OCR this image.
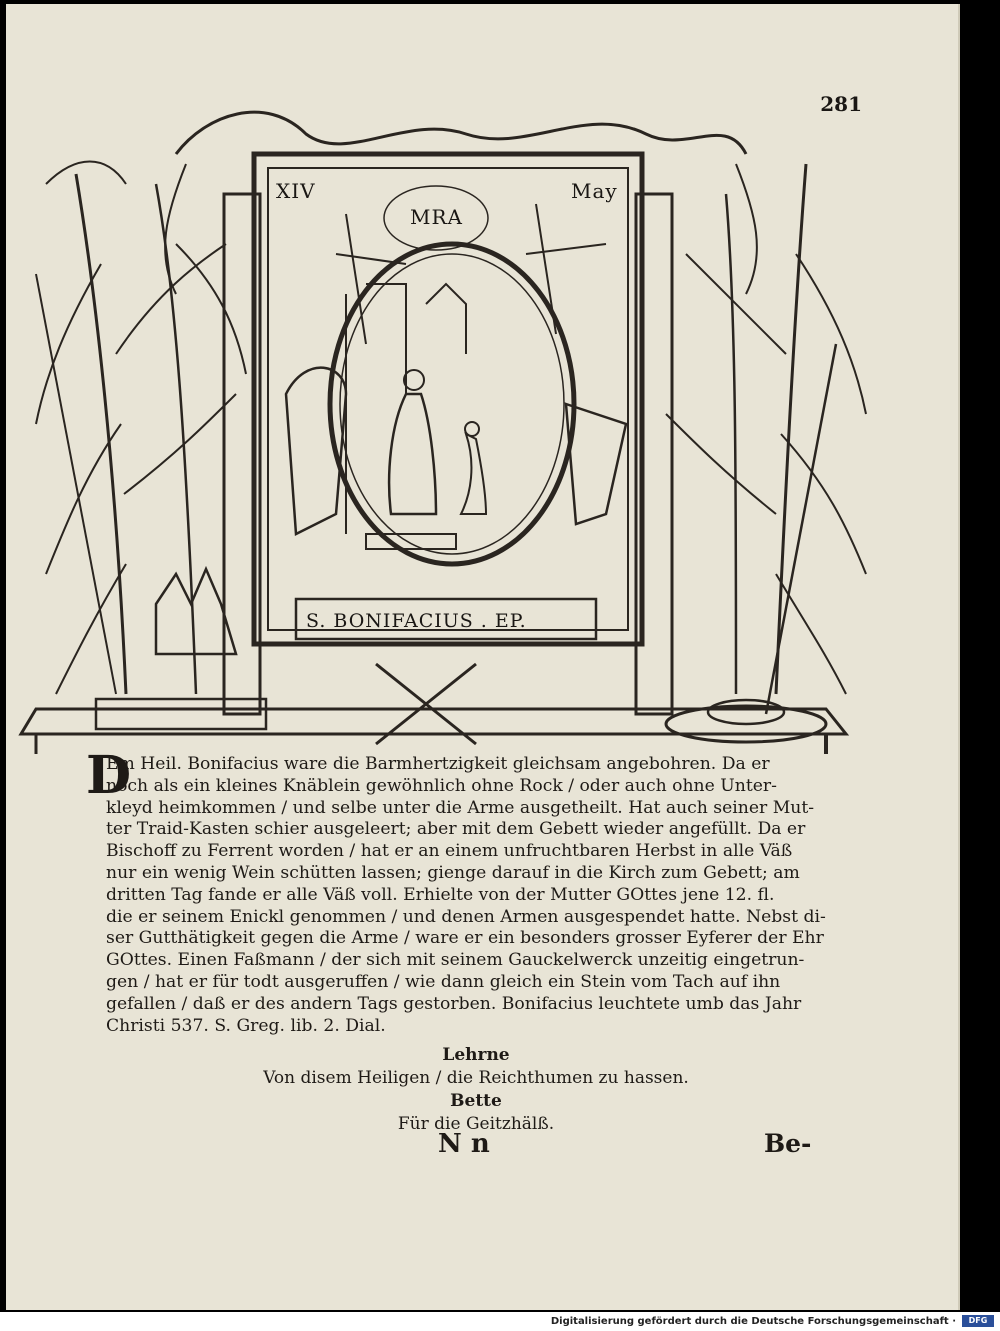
281
XIV	May
MRA
S. BONIFACIUS . EP.
D
Em Heil. Bonifacius ware die Barmhertzigkeit gleichsam angebohren. Da er
noch als ein kleines Knäblein gewöhnlich ohne Rock / oder auch ohne Unter-
kleyd heimkommen / und selbe unter die Arme ausgetheilt. Hat auch seiner Mut-
ter Traid-Kasten schier ausgeleert; aber mit dem Gebett wieder angefüllt. Da er
Bischoff zu Ferrent worden / hat er an einem unfruchtbaren Herbst in alle Väß
nur ein wenig Wein schütten lassen; gienge darauf in die Kirch zum Gebett; am
dritten Tag fande er alle Väß voll. Erhielte von der Mutter GOttes jene 12. fl.
die er seinem Enickl genommen / und denen Armen ausgespendet hatte. Nebst di-
ser Gutthätigkeit gegen die Arme / ware er ein besonders grosser Eyferer der Ehr
GOttes. Einen Faßmann / der sich mit seinem Gauckelwerck unzeitig eingetrun-
gen / hat er für todt ausgeruffen / wie dann gleich ein Stein vom Tach auf ihn
gefallen / daß er des andern Tags gestorben. Bonifacius leuchtete umb das Jahr
Christi 537. S. Greg. lib. 2. Dial.
Lehrne
Von disem Heiligen / die Reichthumen zu hassen.
Bette
Für die Geitzhälß.
N n	Be-
Digitalisierung gefördert durch die Deutsche Forschungsgemeinschaft ·	DFG
